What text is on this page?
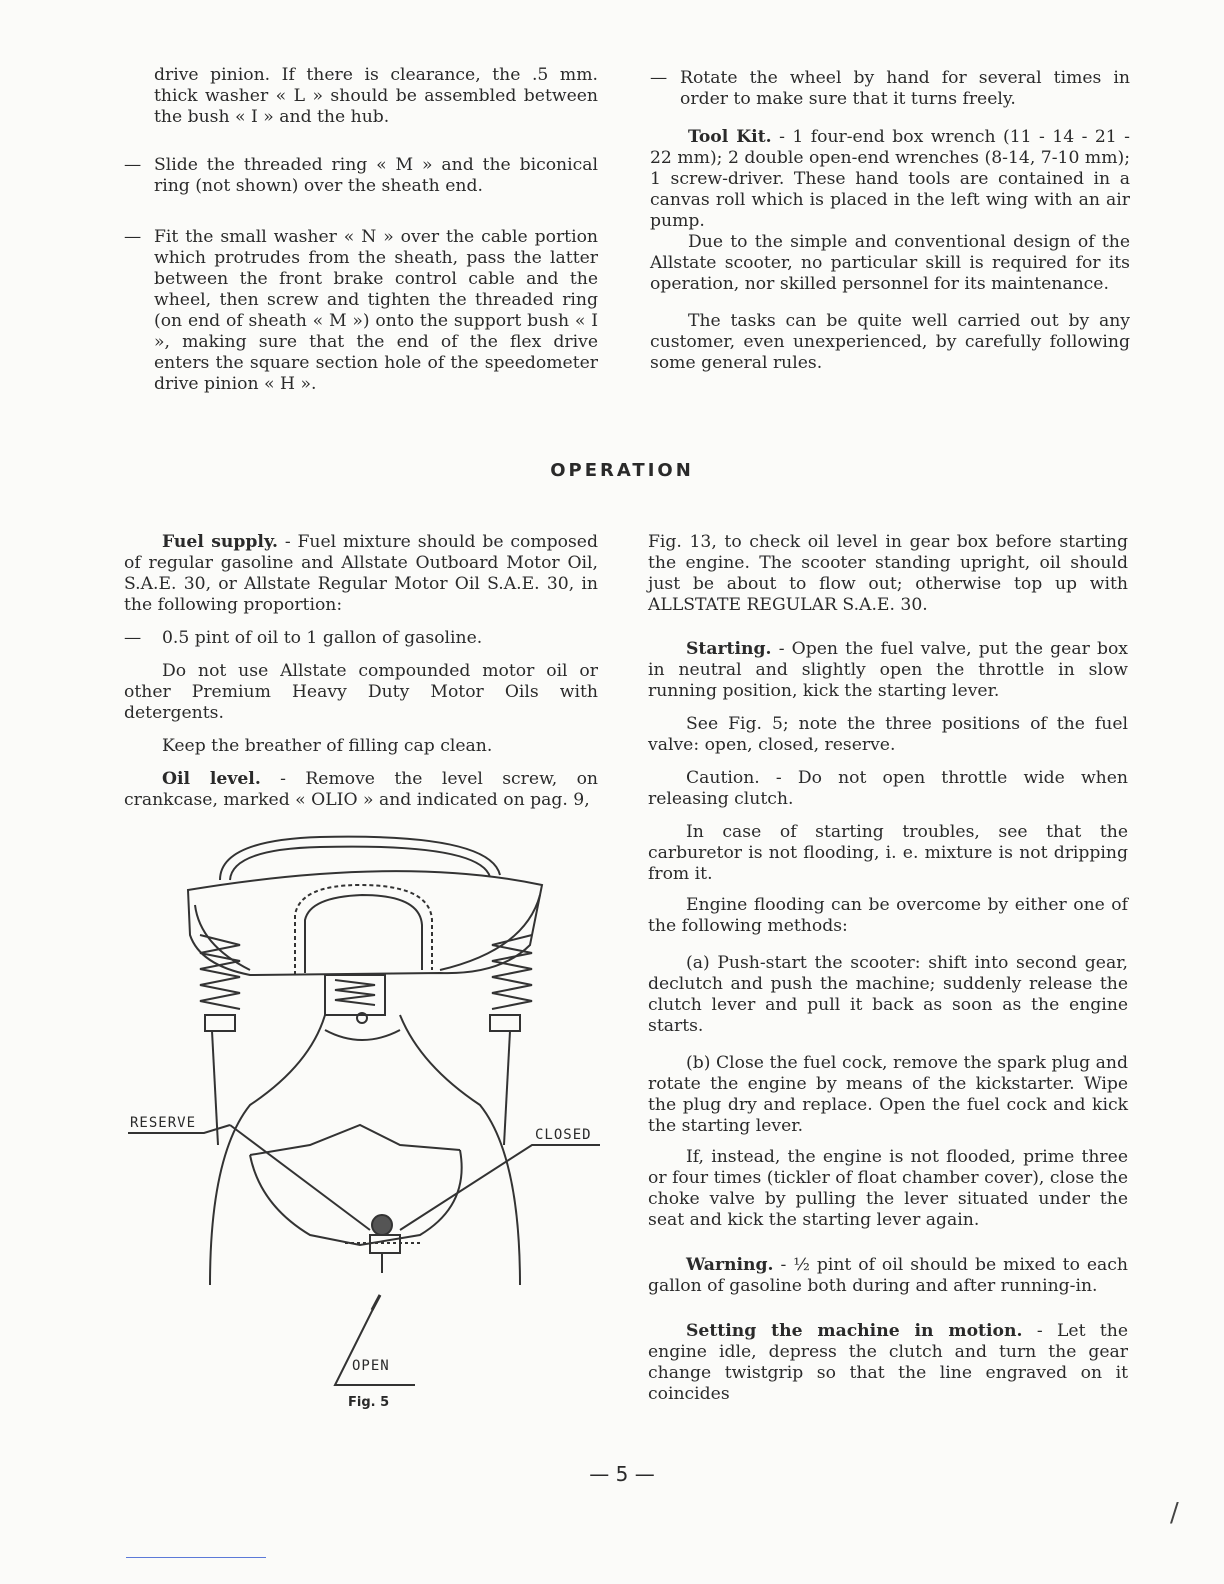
drive pinion. If there is clearance, the .5 mm. thick washer « L » should be assembled between the bush « I » and the hub.

— Slide the threaded ring « M » and the biconical ring (not shown) over the sheath end.
— Fit the small washer « N » over the cable portion which protrudes from the sheath, pass the latter between the front brake control cable and the wheel, then screw and tighten the threaded ring (on end of sheath « M ») onto the support bush « I », making sure that the end of the flex drive enters the square section hole of the speedometer drive pinion « H ».
— Rotate the wheel by hand for several times in order to make sure that it turns freely.

Tool Kit. - 1 four-end box wrench (11 - 14 - 21 - 22 mm); 2 double open-end wrenches (8-14, 7-10 mm); 1 screw-driver. These hand tools are contained in a canvas roll which is placed in the left wing with an air pump.

Due to the simple and conventional design of the Allstate scooter, no particular skill is required for its operation, nor skilled personnel for its maintenance.

The tasks can be quite well carried out by any customer, even unexperienced, by carefully following some general rules.

OPERATION

Fuel supply. - Fuel mixture should be composed of regular gasoline and Allstate Outboard Motor Oil, S.A.E. 30, or Allstate Regular Motor Oil S.A.E. 30, in the following proportion:

—	0.5 pint of oil to 1 gallon of gasoline.

Do not use Allstate compounded motor oil or other Premium Heavy Duty Motor Oils with detergents.

Keep the breather of filling cap clean.

Oil level. - Remove the level screw, on crankcase, marked « OLIO » and indicated on pag. 9,

RESERVE
CLOSED
OPEN
Fig. 5

Fig. 13, to check oil level in gear box before starting the engine. The scooter standing upright, oil should just be about to flow out; otherwise top up with ALLSTATE REGULAR S.A.E. 30.

Starting. - Open the fuel valve, put the gear box in neutral and slightly open the throttle in slow running position, kick the starting lever.

See Fig. 5; note the three positions of the fuel valve: open, closed, reserve.

Caution. - Do not open throttle wide when releasing clutch.

In case of starting troubles, see that the carburetor is not flooding, i. e. mixture is not dripping from it.

Engine flooding can be overcome by either one of the following methods:

(a) Push-start the scooter: shift into second gear, declutch and push the machine; suddenly release the clutch lever and pull it back as soon as the engine starts.

(b) Close the fuel cock, remove the spark plug and rotate the engine by means of the kickstarter. Wipe the plug dry and replace. Open the fuel cock and kick the starting lever.

If, instead, the engine is not flooded, prime three or four times (tickler of float chamber cover), close the choke valve by pulling the lever situated under the seat and kick the starting lever again.

Warning. - ½ pint of oil should be mixed to each gallon of gasoline both during and after running-in.

Setting the machine in motion. - Let the engine idle, depress the clutch and turn the gear change twistgrip so that the line engraved on it coincides

— 5 —
/
